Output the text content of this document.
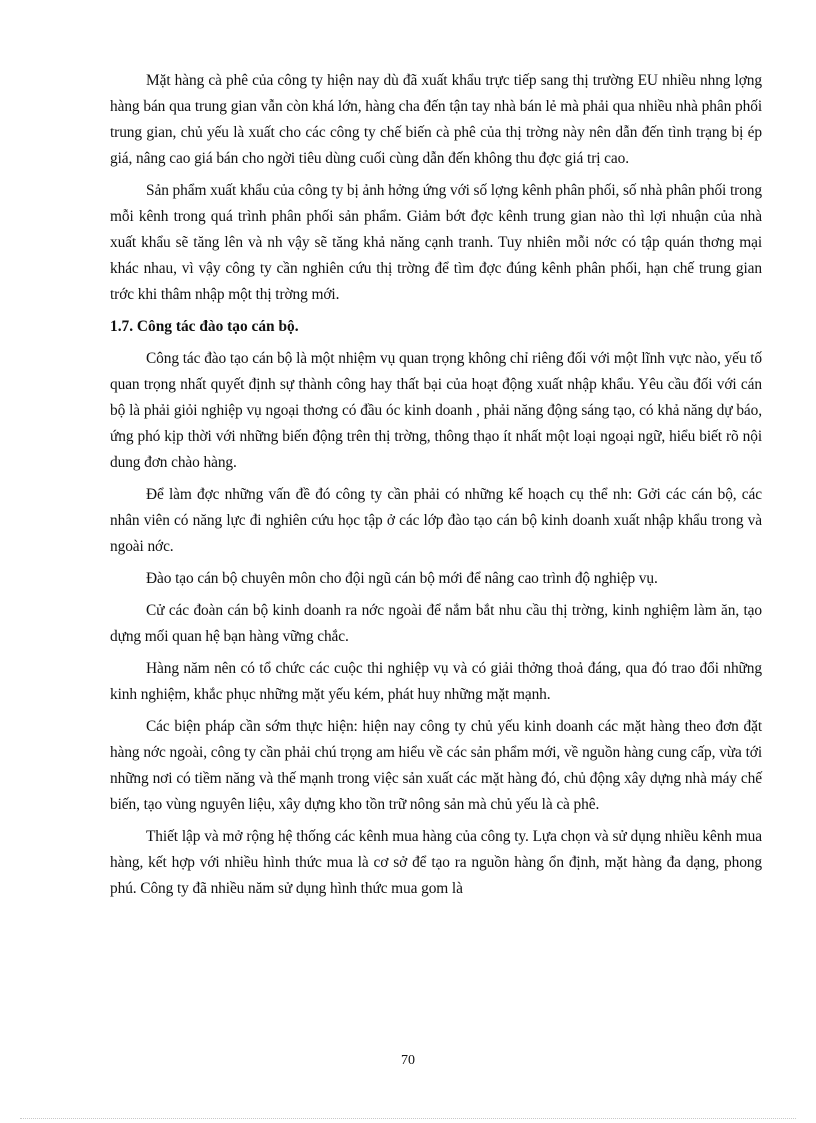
Mặt hàng cà phê của công ty hiện nay dù đã xuất khẩu trực tiếp sang thị trường EU nhiều nhng lợng hàng bán qua trung gian vẫn còn khá lớn, hàng cha đến tận tay nhà bán lẻ mà phải qua nhiều nhà phân phối trung gian, chủ yếu là xuất cho các công ty chế biến cà phê của thị trờng này nên dẫn đến tình trạng bị ép giá, nâng cao giá bán cho ngời tiêu dùng cuối cùng dẫn đến không thu đợc giá trị cao.

Sản phẩm xuất khẩu của công ty bị ảnh hởng ứng với số lợng kênh phân phối, số nhà phân phối trong mỗi kênh trong quá trình phân phối sản phẩm. Giảm bớt đợc kênh trung gian nào thì lợi nhuận của nhà xuất khẩu sẽ tăng lên và nh vậy sẽ tăng khả năng cạnh tranh. Tuy nhiên mỗi nớc có tập quán thơng mại khác nhau, vì vậy công ty cần nghiên cứu thị trờng để tìm đợc đúng kênh phân phối, hạn chế trung gian trớc khi thâm nhập một thị trờng mới.

1.7. Công tác đào tạo cán bộ.

Công tác đào tạo cán bộ là một nhiệm vụ quan trọng không chỉ riêng đối với một lĩnh vực nào, yếu tố quan trọng nhất quyết định sự thành công hay thất bại của hoạt động xuất nhập khẩu. Yêu cầu đối với cán bộ là phải giỏi nghiệp vụ ngoại thơng có đầu óc kinh doanh , phải năng động sáng tạo, có khả năng dự báo, ứng phó kịp thời với những biến động trên thị trờng, thông thạo ít nhất một loại ngoại ngữ, hiểu biết rõ nội dung đơn chào hàng.

Để làm đợc những vấn đề đó công ty cần phải có những kế hoạch cụ thể nh: Gởi các cán bộ, các nhân viên có năng lực đi nghiên cứu học tập ở các lớp đào tạo cán bộ kinh doanh xuất nhập khẩu trong và ngoài nớc.

Đào tạo cán bộ chuyên môn cho đội ngũ cán bộ mới để nâng cao trình độ nghiệp vụ.

Cử các đoàn cán bộ kinh doanh ra nớc ngoài để nắm bắt nhu cầu thị trờng, kinh nghiệm làm ăn, tạo dựng mối quan hệ bạn hàng vững chắc.

Hàng năm nên có tổ chức các cuộc thi nghiệp vụ và có giải thởng thoả đáng, qua đó trao đổi những kinh nghiệm, khắc phục những mặt yếu kém, phát huy những mặt mạnh.

Các biện pháp cần sớm thực hiện: hiện nay công ty chủ yếu kinh doanh các mặt hàng theo đơn đặt hàng nớc ngoài, công ty cần phải chú trọng am hiểu về các sản phẩm mới, về nguồn hàng cung cấp, vừa tới những nơi có tiềm năng và thế mạnh trong việc sản xuất các mặt hàng đó, chủ động xây dựng nhà máy chế biến, tạo vùng nguyên liệu, xây dựng kho tồn trữ nông sản mà chủ yếu là cà phê.

Thiết lập và mở rộng hệ thống các kênh mua hàng của công ty. Lựa chọn và sử dụng nhiều kênh mua hàng, kết hợp với nhiều hình thức mua là cơ sở để tạo ra nguồn hàng ổn định, mặt hàng đa dạng, phong phú. Công ty đã nhiều năm sử dụng hình thức mua gom là

70
